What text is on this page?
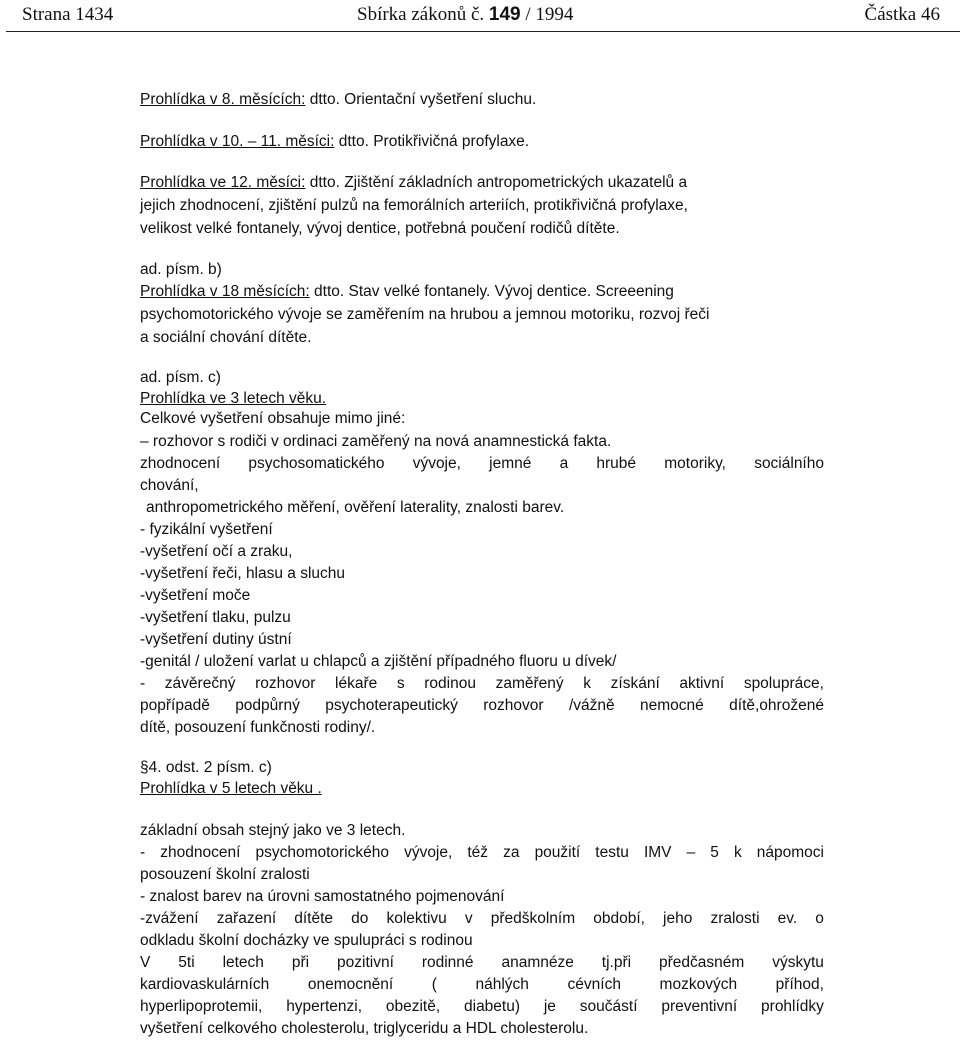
Strana 1434	Sbírka zákonů č. 149 / 1994	Částka 46
Prohlídka v 8. měsících: dtto. Orientační vyšetření sluchu.
Prohlídka v 10. – 11. měsíci: dtto. Protikřivičná profylaxe.
Prohlídka ve 12. měsíci: dtto. Zjištění základních antropometrických ukazatelů a
jejich zhodnocení, zjištění pulzů na femorálních arteriích, protikřivičná profylaxe,
velikost velké fontanely, vývoj dentice, potřebná poučení rodičů dítěte.
ad. písm. b)
Prohlídka v 18 měsících: dtto. Stav velké fontanely. Vývoj dentice. Screeening
psychomotorického vývoje se zaměřením na hrubou a jemnou motoriku, rozvoj řeči
a sociální chování dítěte.
ad. písm. c)
Prohlídka ve 3 letech věku.
Celkové vyšetření obsahuje mimo jiné:
– rozhovor s rodiči v ordinaci zaměřený na nová anamnestická fakta.
zhodnocení psychosomatického vývoje, jemné a hrubé motoriky, sociálního
chování,
anthropometrického měření, ověření laterality, znalosti barev.
- fyzikální vyšetření
-vyšetření očí a zraku,
-vyšetření řeči, hlasu a sluchu
-vyšetření moče
-vyšetření tlaku, pulzu
-vyšetření dutiny ústní
-genitál / uložení varlat u chlapců a zjištění případného fluoru u dívek/
- závěrečný rozhovor lékaře s rodinou zaměřený k získání aktivní spolupráce,
popřípadě podpůrný psychoterapeutický rozhovor /vážně nemocné dítě,ohrožené
dítě, posouzení funkčnosti rodiny/.
§4. odst. 2 písm. c)
Prohlídka v 5 letech věku .
základní obsah stejný jako ve 3 letech.
- zhodnocení psychomotorického vývoje, též za použití testu IMV – 5 k nápomoci
posouzení školní zralosti
- znalost barev na úrovni samostatného pojmenování
-zvážení zařazení dítěte do kolektivu v předškolním období, jeho zralosti ev. o
odkladu školní docházky ve spulupráci s rodinou
V 5ti letech při pozitivní rodinné anamnéze tj.při předčasném výskytu
kardiovaskulárních onemocnění ( náhlých cévních mozkových příhod,
hyperlipoprotemii, hypertenzi, obezitě, diabetu) je součástí preventivní prohlídky
vyšetření celkového cholesterolu, triglyceridu a HDL cholesterolu.
